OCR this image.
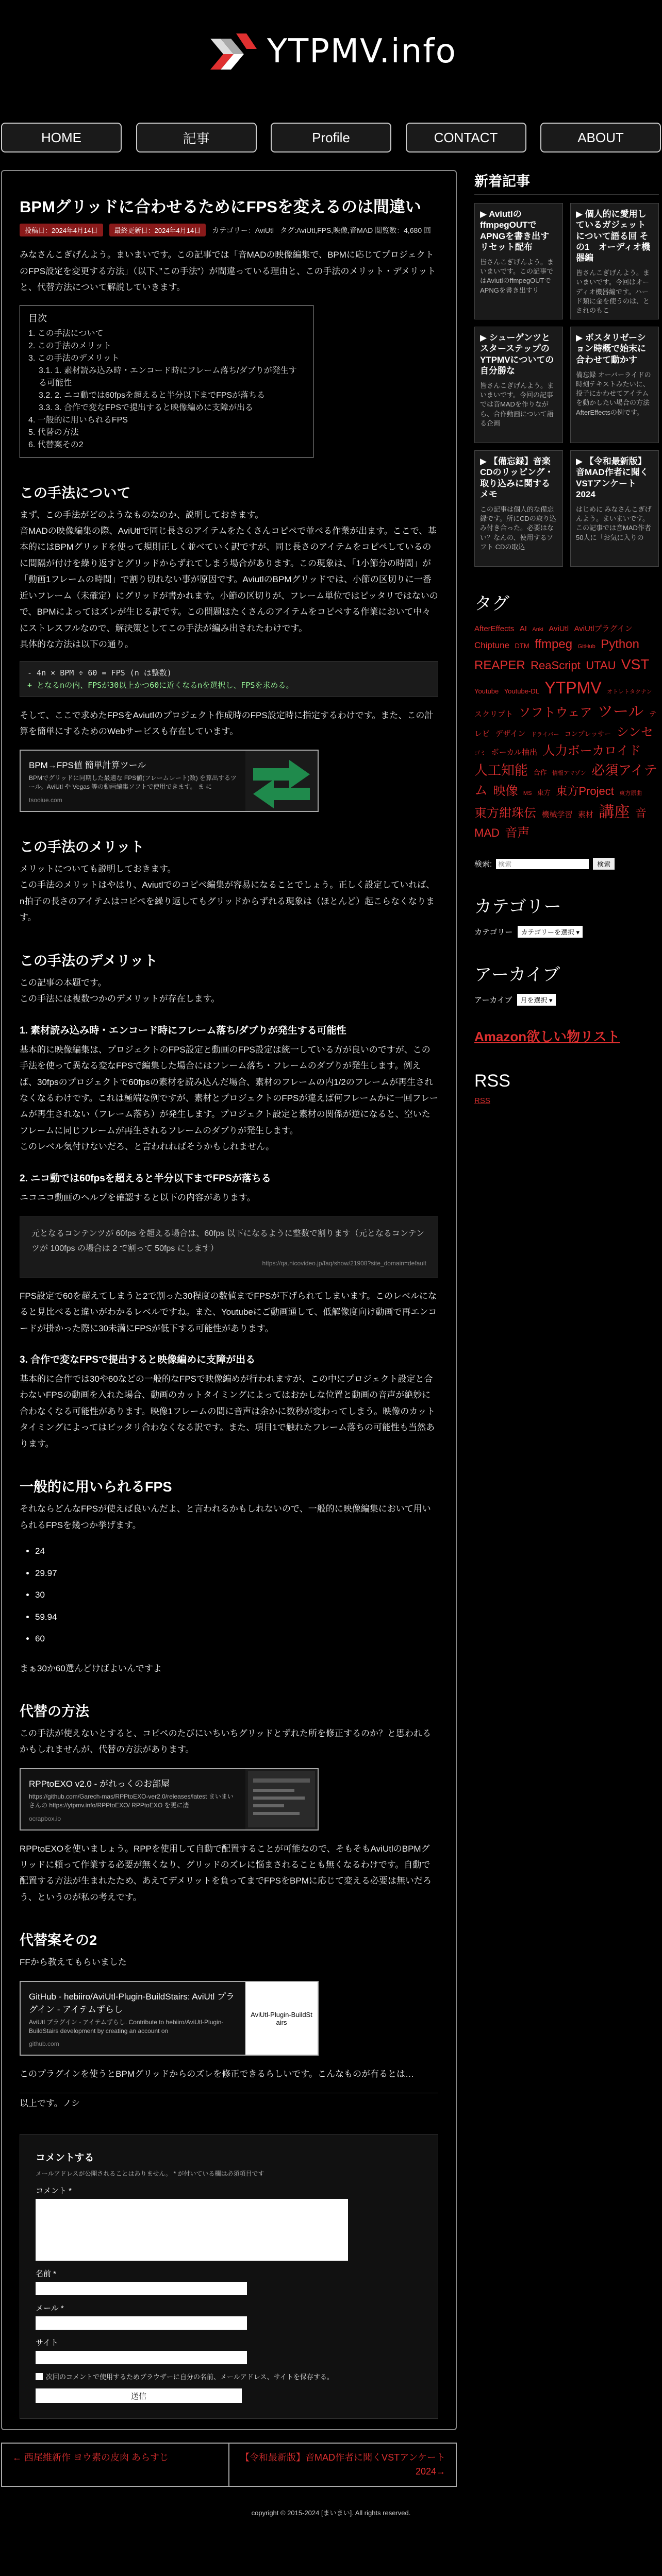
YTPMV.info
HOME	記事	Profile	CONTACT	ABOUT
BPMグリッドに合わせるためにFPSを変えるのは間違い
投稿日：2024年4月14日	最終更新日：2024年4月14日	カテゴリー：AviUtl タグ:AviUtl,FPS,映像,音MAD 閲覧数：4,680 回

みなさんこぎげんよう。まいまいです。この記事では「音MADの映像編集で、BPMに応じてプロジェクトのFPS設定を変更する方法」（以下、”この手法”）が間違っている理由と、この手法のメリット・デメリットと、代替方法について解説していきます。

目次
1. この手法について
2. この手法のメリット
3. この手法のデメリット
3.1. 1. 素材読み込み時・エンコード時にフレーム落ち/ダブりが発生する可能性
3.2. 2. ニコ動では60fpsを超えると半分以下までFPSが落ちる
3.3. 3. 合作で変なFPSで提出すると映像編めに支障が出る
4. 一般的に用いられるFPS
5. 代替の方法
6. 代替案その2
この手法について

まず、この手法がどのようなものなのか、説明しておきます。

音MADの映像編集の際、AviUtlで同じ長さのアイテムをたくさんコピペで並べる作業が出ます。ここで、基本的にはBPMグリッドを使って規則正しく並べていく訳ですが、同じ長さのアイテムをコピペしているのに間隔が付けを繰り返すとグリッドからずれてしまう場合があります。この現象は、「1小節分の時間」が「動画1フレームの時間」で割り切れない事が原因です。AviutlのBPMグリッドでは、小節の区切りに一番近いフレーム（未確定）にグリッドが書かれます。小節の区切りが、フレーム単位ではピッタリではないので、BPMによってはズレが生じる訳です。この問題はたくさんのアイテムをコピペする作業において中々にストレスフルなので、解決策としてこの手法が編み出されたわけです。

具体的な方法は以下の通り。

- 4n × BPM ÷ 60 = FPS (n は整数)
+ となるnの内、FPSが30以上かつ60に近くなるnを選択し、FPSを求める。

そして、ここで求めたFPSをAviutlのプロジェクト作成時のFPS設定時に指定するわけです。また、この計算を簡単にするためのWebサービスも存在しています。

BPM→FPS値 簡単計算ツール
BPMでグリッドに同期した最適な FPS値(フレームレート)数) を算出するツール。AviUtl や Vegas 等の動画編集ソフトで使用できます。 ま に
tsooiue.com
この手法のメリット

メリットについても説明しておきます。

この手法のメリットはやはり、Aviutlでのコピペ編集が容易になることでしょう。正しく設定していれば、n拍子の長さのアイテムはコピペを繰り返してもグリッドからずれる現象は（ほとんど）起こらなくなります。

この手法のデメリット

この記事の本題です。

この手法には複数つかのデメリットが存在します。

1. 素材読み込み時・エンコード時にフレーム落ち/ダブりが発生する可能性

基本的に映像編集は、プロジェクトのFPS設定と動画のFPS設定は統一している方が良いのですが、この手法を使って異なる変なFPSで編集した場合にはフレーム落ち・フレームのダブりが発生します。例えば、30fpsのプロジェクトで60fpsの素材を読み込んだ場合、素材のフレームの内1/2のフレームが再生されなくなるわけです。これは極端な例ですが、素材とプロジェクトのFPSが違えば何フレームかに一回フレームが再生されない（フレーム落ち）が発生します。プロジェクト設定と素材の関係が逆になると、空いたフレームに同じフレームが再生されるフレームのダブりが発生します。

このレベル気付けないだろ、と言われればそうかもしれません。

2. ニコ動では60fpsを超えると半分以下までFPSが落ちる

ニコニコ動画のヘルプを確認すると以下の内容があります。

元となるコンテンツが 60fps を超える場合は、60fps 以下になるように整数で割ります（元となるコンテンツが 100fps の場合は 2 で割って 50fps にします）
https://qa.nicovideo.jp/faq/show/21908?site_domain=default

FPS設定で60を超えてしまうと2で割った30程度の数値までFPSが下げられてしまいます。このレベルになると見比べると違いがわかるレベルですね。また、Youtubeにご動画通して、低解像度向け動画で再エンコードが掛かった際に30未満にFPSが低下する可能性があります。

3. 合作で変なFPSで提出すると映像編めに支障が出る

基本的に合作では30や60などの一般的なFPSで映像編めが行われますが、この中にプロジェクト設定と合わないFPSの動画を入れた場合、動画のカットタイミングによってはおかしな位置と動画の音声が絶妙に合わなくなる可能性があります。映像1フレームの間に音声は余かに数秒が変わってしまう。映像のカットタイミングによってはビッタリ合わなくなる訳です。また、項目1で触れたフレーム落ちの可能性も当然あります。

一般的に用いられるFPS

それならどんなFPSが使えば良いんだよ、と言われるかもしれないので、一般的に映像編集において用いられるFPSを幾つか挙げます。

• 24
• 29.97
• 30
• 59.94
• 60

まぁ30か60選んどけばよいんですよ

代替の方法

この手法が使えないとすると、コピペのたびにいちいちグリッドとずれた所を修正するのか？と思われるかもしれませんが、代替の方法があります。

RPPtoEXO v2.0 - がれっくのお部屋
https://github.com/Garech-mas/RPPtoEXO-ver2.0/releases/latest まいまいさんの https://ytpmv.info/RPPtoEXO/ RPPtoEXO を更に凄
ocrapbox.io

RPPtoEXOを使いましょう。RPPを使用して自動で配置することが可能なので、そもそもAviUtlのBPMグリッドに頼って作業する必要が無くなり、グリッドのズレに悩まされることも無くなるわけです。自動で配置する方法が生まれたため、あえてデメリットを負ってまでFPSをBPMに応じて変える必要は無いだろう、というのが私の考えです。

代替案その2

FFから教えてもらいました

GitHub - hebiiro/AviUtl-Plugin-BuildStairs: AviUtl プラグイン - アイテムずらし
AviUtl プラグイン - アイテムずらし. Contribute to hebiiro/AviUtl-Plugin-BuildStairs development by creating an account on
github.com
AviUtl-Plugin-BuildSt airs

このプラグインを使うとBPMグリッドからのズレを修正できるらしいです。こんなものが有るとは…

以上です。ノシ

コメントする
メールアドレスが公開されることはありません。 * が付いている欄は必須項目です
コメント *
名前 *
メール *
サイト
次回のコメントで使用するためブラウザーに自分の名前、メールアドレス、サイトを保存する。
送信
← 西尾維新作 ヨウ素の皮肉 あらすじ	【令和最新版】音MAD作者に聞くVSTアンケート 2024→
新着記事
▶ AviutlのffmpegOUTでAPNGを書き出すリセット配布
皆さんこぎげんよう。まいまいです。この記事ではAviutlのffmpegOUTでAPNGを書き出すリ
▶ 個人的に愛用しているガジェットについて語る回 その1　オーディオ機器編
皆さんこぎげんよう。まいまいです。今回はオーディオ機器編です。ハード類に金を使うのは、とされのもこ
▶ シューゲンツとスターステップのYTPMVについての自分勝な
皆さんこぎげんよう。まいまいです。今回の記事では音MADを作りながら、合作動画について語る企画
▶ ボスタリゼーション時概で始末に合わせて動かす
備忘録 オーバーライドの時刻テキストみたいに、投子にかわせてアイテムを動かしたい場合の方法 AfterEffectsの例です。
▶ 【備忘録】音楽CDのリッピング・取り込みに関するメモ
この記事は個人的な備忘録です。所にCDの取り込み付き合った。必要はない？なんの、使用するソフト CDの取込
▶ 【令和最新版】音MAD作者に聞くVSTアンケート 2024
はじめに みなさんこぎげんよう。まいまいです。この記事では音MAD作者50人に「お気に入りの
タグ
AfterEffects AI Anki AviUtl AviUtlプラグイン Chiptune DTM ffmpeg GitHub Python REAPER ReaScript UTAU VST Youtube Youtube-DL YTPMV オトレトタクナン スクリプト ソフトウェア ツール テレビ デザイン ドライバー コンプレッサー シンセ ゴミ ボーカル抽出 人力ボーカロイド 人工知能 合作 情報アマゾン 必須アイテム 映像 MS 東方 東方Project 東方原曲 東方紺珠伝 機械学習 素材 講座 音MAD 音声
検索: 検索	検索
カテゴリー
カテゴリー	カテゴリーを選択 ▾
アーカイブ
アーカイブ	月を選択 ▾
Amazon欲しい物リスト
RSS
RSS
copyright © 2015-2024 [まいまい]. All rights reserved.
